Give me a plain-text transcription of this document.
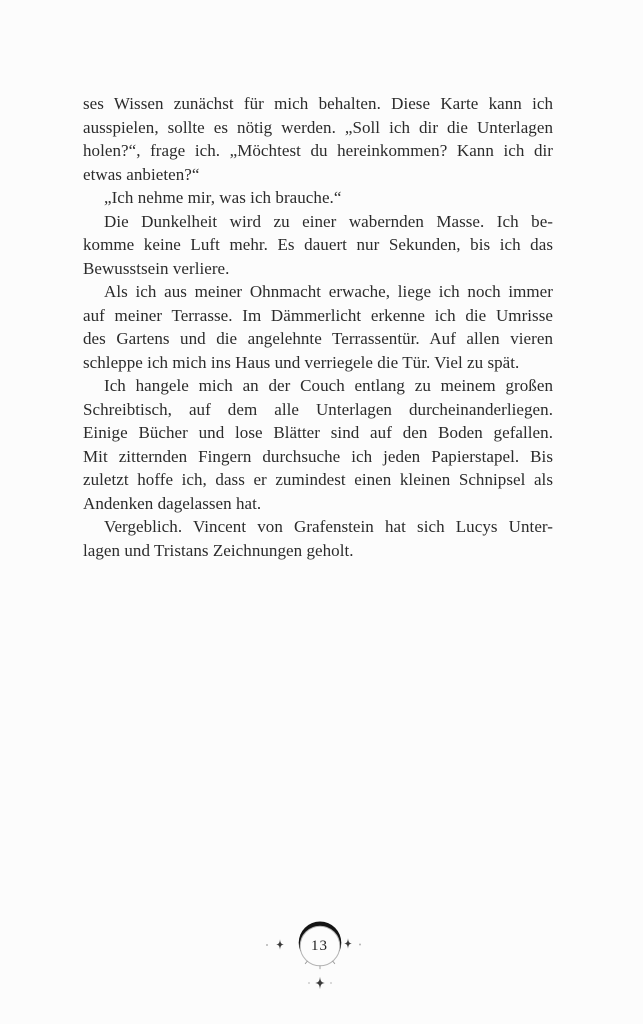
ses Wissen zunächst für mich behalten. Diese Karte kann ich
ausspielen, sollte es nötig werden. „Soll ich dir die Unterlagen
holen?“, frage ich. „Möchtest du hereinkommen? Kann ich dir
etwas anbieten?“
„Ich nehme mir, was ich brauche.“
Die Dunkelheit wird zu einer wabernden Masse. Ich be-
komme keine Luft mehr. Es dauert nur Sekunden, bis ich das
Bewusstsein verliere.
Als ich aus meiner Ohnmacht erwache, liege ich noch immer
auf meiner Terrasse. Im Dämmerlicht erkenne ich die Umrisse
des Gartens und die angelehnte Terrassentür. Auf allen vieren
schleppe ich mich ins Haus und verriegele die Tür. Viel zu spät.
Ich hangele mich an der Couch entlang zu meinem großen
Schreibtisch, auf dem alle Unterlagen durcheinanderliegen.
Einige Bücher und lose Blätter sind auf den Boden gefallen.
Mit zitternden Fingern durchsuche ich jeden Papierstapel. Bis
zuletzt hoffe ich, dass er zumindest einen kleinen Schnipsel als
Andenken dagelassen hat.
Vergeblich. Vincent von Grafenstein hat sich Lucys Unter-
lagen und Tristans Zeichnungen geholt.
13
